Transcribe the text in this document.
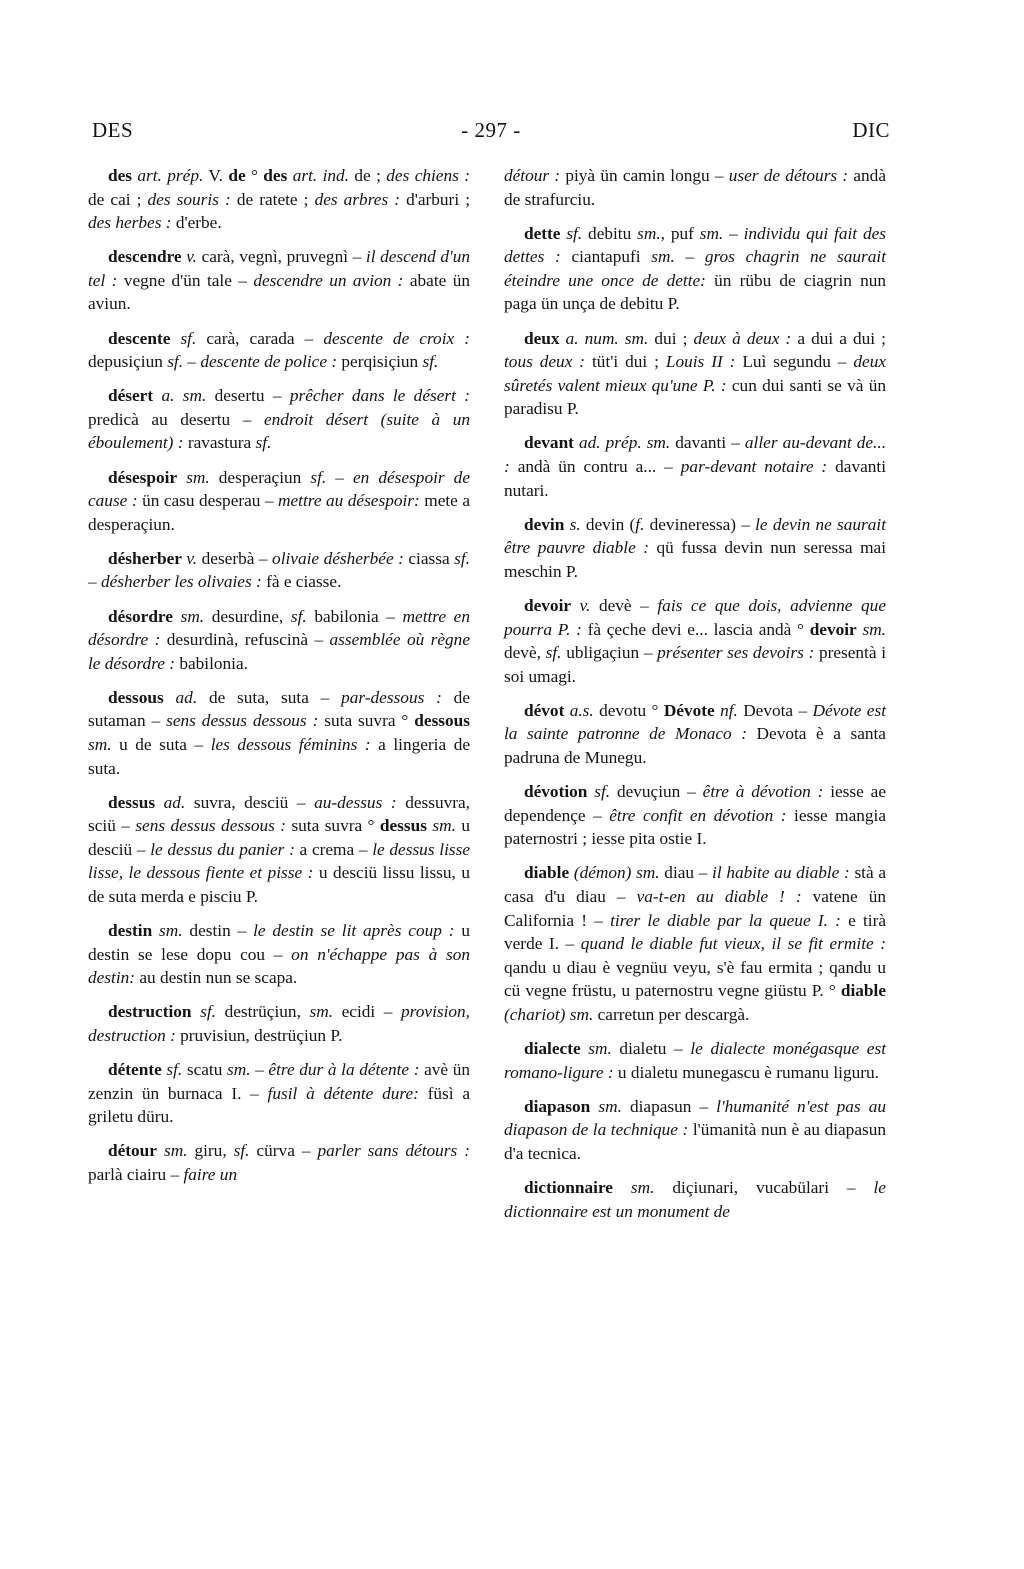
DES	- 297 -	DIC

des art. prép. V. de ° des art. ind. de ; des chiens : de cai ; des souris : de ratete ; des arbres : d'arburi ; des herbes : d'erbe.

descendre v. carà, vegnì, pruvegnì – il descend d'un tel : vegne d'ün tale – descendre un avion : abate ün aviun.

descente sf. carà, carada – descente de croix : depusiçiun sf. – descente de police : perqisiçiun sf.

désert a. sm. desertu – prêcher dans le désert : predicà au desertu – endroit désert (suite à un éboulement) : ravastura sf.

désespoir sm. desperaçiun sf. – en désespoir de cause : ün casu desperau – mettre au désespoir: mete a desperaçiun.

désherber v. deserbà – olivaie désherbée : ciassa sf. – désherber les olivaies : fà e ciasse.

désordre sm. desurdine, sf. babilonia – mettre en désordre : desurdinà, refuscinà – assemblée où règne le désordre : babilonia.

dessous ad. de suta, suta – par-dessous : de sutaman – sens dessus dessous : suta suvra ° dessous sm. u de suta – les dessous féminins : a lingeria de suta.

dessus ad. suvra, desciü – au-dessus : dessuvra, sciü – sens dessus dessous : suta suvra ° dessus sm. u desciü – le dessus du panier : a crema – le dessus lisse lisse, le dessous fiente et pisse : u desciü lissu lissu, u de suta merda e pisciu P.

destin sm. destin – le destin se lit après coup : u destin se lese dopu cou – on n'échappe pas à son destin: au destin nun se scapa.

destruction sf. destrüçiun, sm. ecidi – provision, destruction : pruvisiun, destrüçiun P.

détente sf. scatu sm. – être dur à la détente : avè ün zenzin ün burnaca I. – fusil à détente dure: füsì a griletu düru.

détour sm. giru, sf. cürva – parler sans détours : parlà ciairu – faire un

détour : piyà ün camin longu – user de détours : andà de strafurciu.

dette sf. debitu sm., puf sm. – individu qui fait des dettes : ciantapufi sm. – gros chagrin ne saurait éteindre une once de dette: ün rübu de ciagrin nun paga ün unça de debitu P.

deux a. num. sm. dui ; deux à deux : a dui a dui ; tous deux : tüt'i dui ; Louis II : Luì segundu – deux sûretés valent mieux qu'une P. : cun dui santi se và ün paradisu P.

devant ad. prép. sm. davanti – aller au-devant de... : andà ün contru a... – par-devant notaire : davanti nutari.

devin s. devin (f. devineressa) – le devin ne saurait être pauvre diable : qü fussa devin nun seressa mai meschin P.

devoir v. devè – fais ce que dois, advienne que pourra P. : fà çeche devi e... lascia andà ° devoir sm. devè, sf. ubligaçiun – présenter ses devoirs : presentà i soi umagi.

dévot a.s. devotu ° Dévote nf. Devota – Dévote est la sainte patronne de Monaco : Devota è a santa padruna de Munegu.

dévotion sf. devuçiun – être à dévotion : iesse ae dependençe – être confit en dévotion : iesse mangia paternostri ; iesse pita ostie I.

diable (démon) sm. diau – il habite au diable : stà a casa d'u diau – va-t-en au diable ! : vatene ün California ! – tirer le diable par la queue I. : e tirà verde I. – quand le diable fut vieux, il se fit ermite : qandu u diau è vegnüu veyu, s'è fau ermita ; qandu u cü vegne früstu, u paternostru vegne giüstu P. ° diable (chariot) sm. carretun per descargà.

dialecte sm. dialetu – le dialecte monégasque est romano-ligure : u dialetu munegascu è rumanu liguru.

diapason sm. diapasun – l'humanité n'est pas au diapason de la technique : l'ümanità nun è au diapasun d'a tecnica.

dictionnaire sm. diçiunari, vucabülari – le dictionnaire est un monument de
